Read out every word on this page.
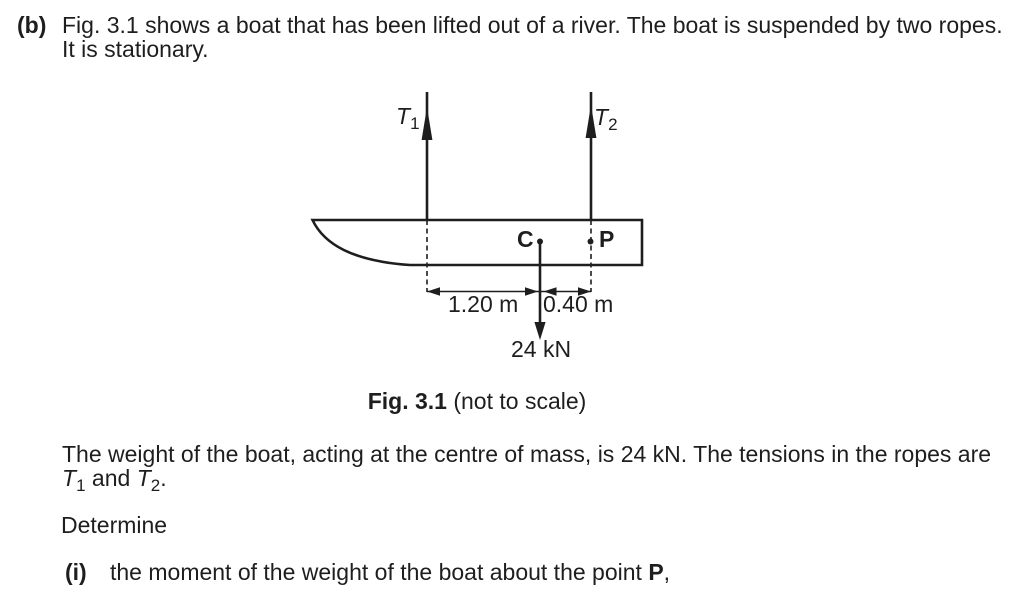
$T_1$	$T_2$
C	P
1.20 m 0.40 m
24 kN
Fig. 3.1 (not to scale)
(b) Fig. 3.1 shows a boat that has been lifted out of a river. The boat is suspended by two ropes.
It is stationary.
The weight of the boat, acting at the centre of mass, is 24 kN. The tensions in the ropes are
$T_1$ and $T_2$.
Determine
(i)	the moment of the weight of the boat about the point P,
